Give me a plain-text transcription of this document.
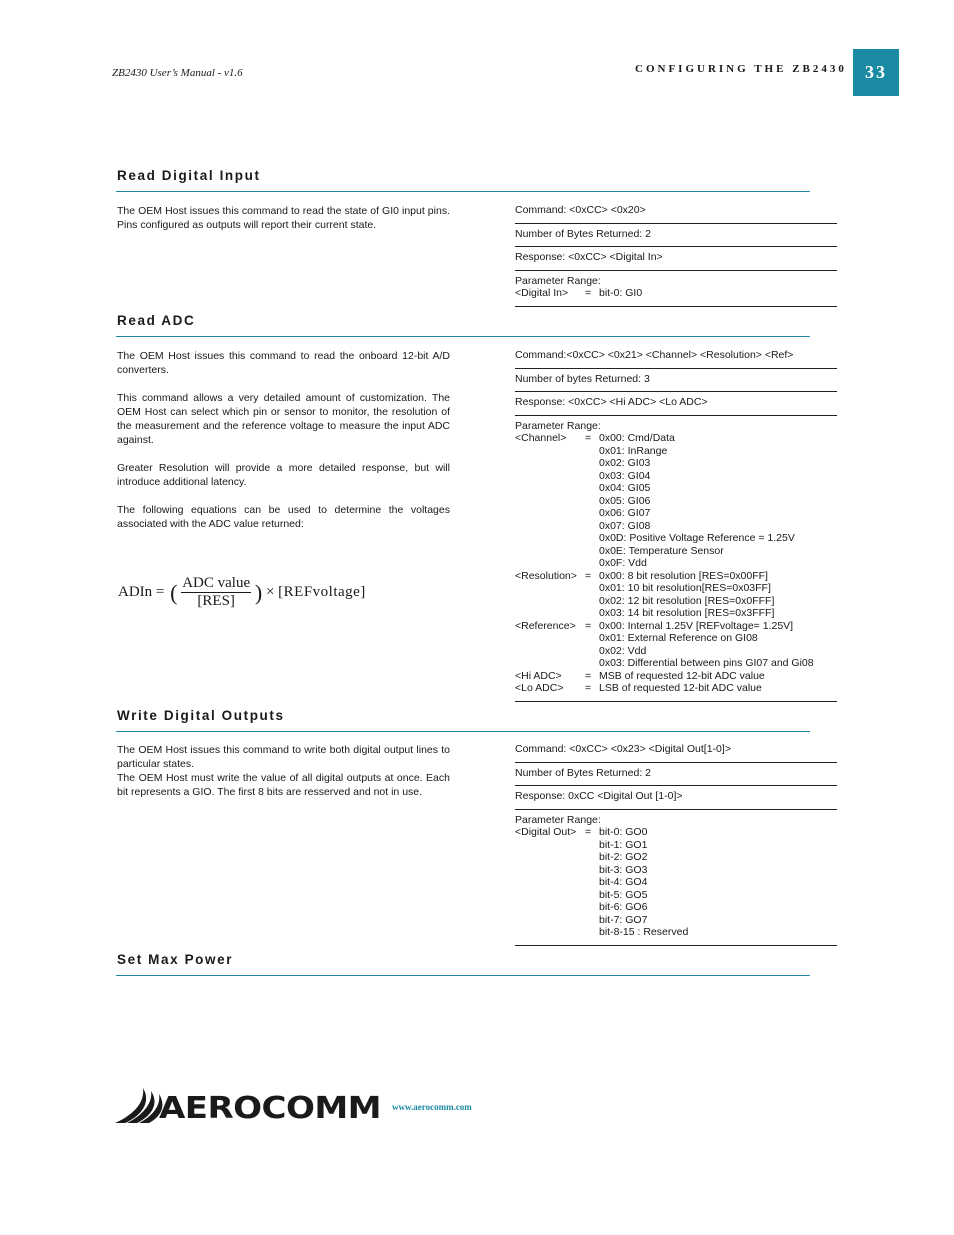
ZB2430 User’s Manual - v1.6	CONFIGURING THE ZB2430	33
Read Digital Input

The OEM Host issues this command to read the state of GI0 input pins. Pins configured as outputs will report their current state.

Command: <0xCC> <0x20>
Number of Bytes Returned: 2
Response: <0xCC> <Digital In>
Parameter Range:
<Digital In>	=	bit-0: GI0
Read ADC

The OEM Host issues this command to read the onboard 12-bit A/D converters.

This command allows a very detailed amount of customization. The OEM Host can select which pin or sensor to monitor, the resolution of the measurement and the reference voltage to measure the input ADC against.

Greater Resolution will provide a more detailed response, but will introduce additional latency.

The following equations can be used to determine the voltages associated with the ADC value returned:

ADIn = ( ADC value
[RES] ) × [REFvoltage]
Command:<0xCC> <0x21> <Channel> <Resolution> <Ref>
Number of bytes Returned: 3
Response: <0xCC> <Hi ADC> <Lo ADC>
Parameter Range:
<Channel>	=	0x00: Cmd/Data
		0x01: InRange
		0x02: GI03
		0x03: GI04
		0x04: GI05
		0x05: GI06
		0x06: GI07
		0x07: GI08
		0x0D: Positive Voltage Reference = 1.25V
		0x0E: Temperature Sensor
		0x0F: Vdd
<Resolution>	=	0x00: 8 bit resolution [RES=0x00FF]
		0x01: 10 bit resolution[RES=0x03FF]
		0x02: 12 bit resolution [RES=0x0FFF]
		0x03: 14 bit resolution [RES=0x3FFF]
<Reference>	=	0x00: Internal 1.25V [REFvoltage= 1.25V]
		0x01: External Reference on GI08
		0x02: Vdd
		0x03: Differential between pins GI07 and Gi08
<Hi ADC>	=	MSB of requested 12-bit ADC value
<Lo ADC>	=	LSB of requested 12-bit ADC value
Write Digital Outputs

The OEM Host issues this command to write both digital output lines to particular states.

The OEM Host must write the value of all digital outputs at once. Each bit represents a GIO. The first 8 bits are resserved and not in use.

Command: <0xCC> <0x23> <Digital Out[1-0]>
Number of Bytes Returned: 2
Response: 0xCC <Digital Out [1-0]>
Parameter Range:
<Digital Out>	=	bit-0: GO0
		bit-1: GO1
		bit-2: GO2
		bit-3: GO3
		bit-4: GO4
		bit-5: GO5
		bit-6: GO6
		bit-7: GO7
		bit-8-15 : Reserved
Set Max Power
AEROCOMM www.aerocomm.com
